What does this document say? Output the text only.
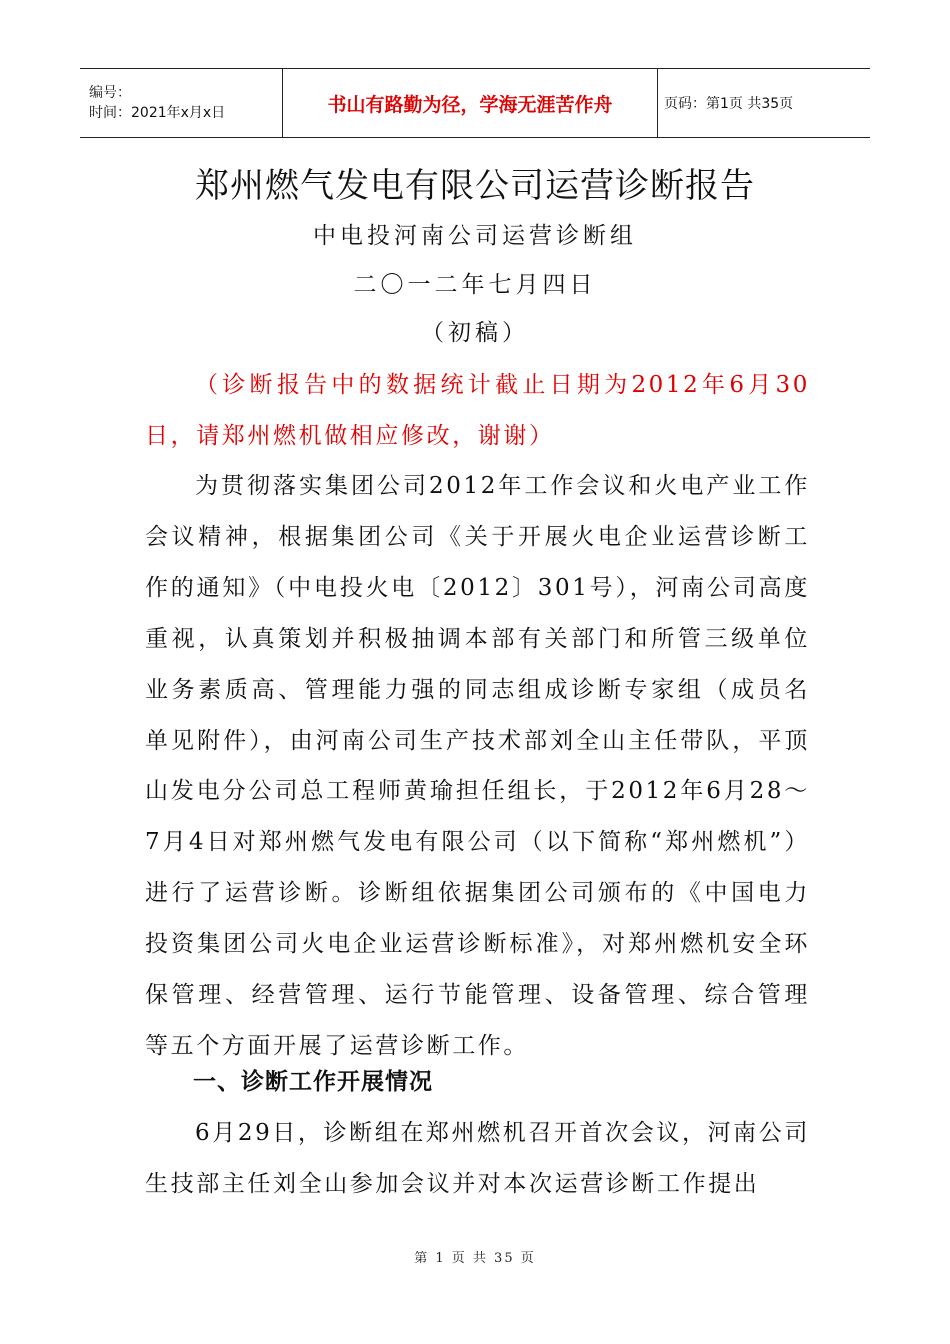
编号：
时间：2021年x月x日	书山有路勤为径，学海无涯苦作舟	页码：第1页 共35页
郑州燃气发电有限公司运营诊断报告
中电投河南公司运营诊断组
二〇一二年七月四日
（初稿）

（诊断报告中的数据统计截止日期为2012年6月30日，请郑州燃机做相应修改，谢谢）

为贯彻落实集团公司2012年工作会议和火电产业工作会议精神，根据集团公司《关于开展火电企业运营诊断工作的通知》（中电投火电〔2012〕301号），河南公司高度重视，认真策划并积极抽调本部有关部门和所管三级单位业务素质高、管理能力强的同志组成诊断专家组（成员名单见附件），由河南公司生产技术部刘全山主任带队，平顶山发电分公司总工程师黄瑜担任组长，于2012年6月28～7月4日对郑州燃气发电有限公司（以下简称“郑州燃机”）进行了运营诊断。诊断组依据集团公司颁布的《中国电力投资集团公司火电企业运营诊断标准》，对郑州燃机安全环保管理、经营管理、运行节能管理、设备管理、综合管理等五个方面开展了运营诊断工作。

一、诊断工作开展情况

6月29日，诊断组在郑州燃机召开首次会议，河南公司生技部主任刘全山参加会议并对本次运营诊断工作提出

第 1 页 共 35 页
